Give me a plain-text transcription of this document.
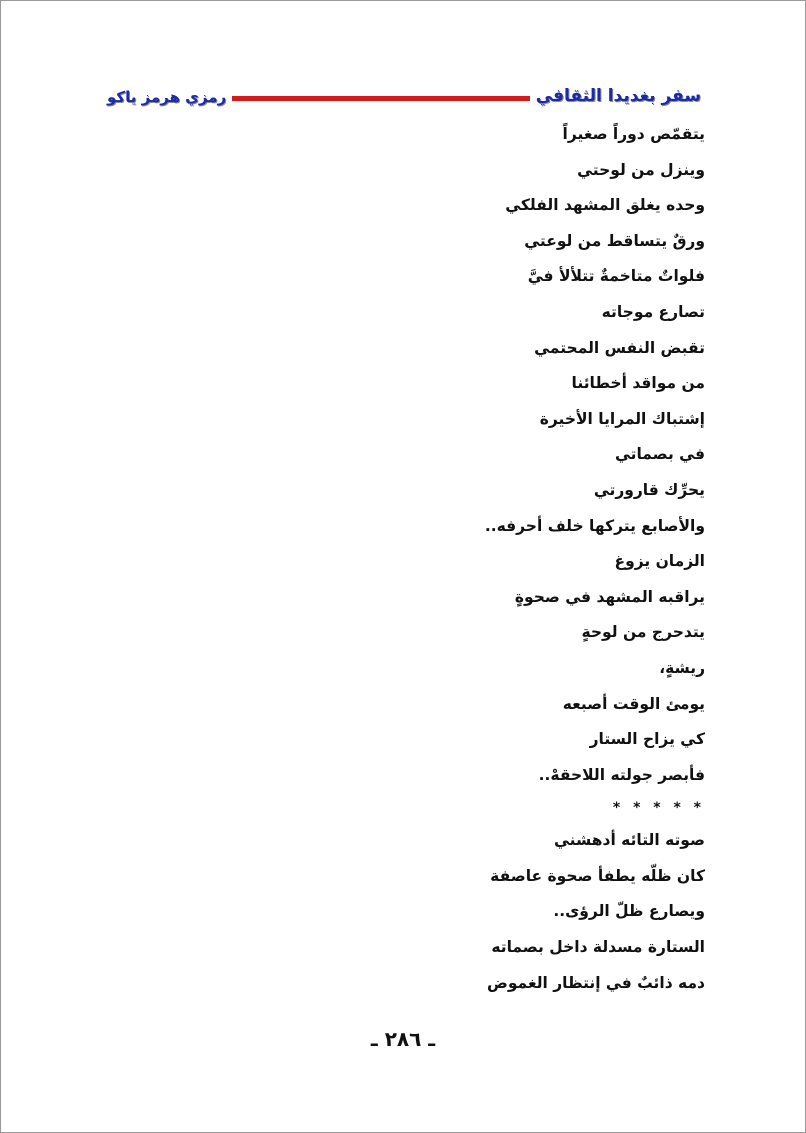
سفر بغديدا الثقافي
رمزي هرمز ياكو
يتقمّص دوراً صغيراً
وينزل من لوحتي
وحده يغلق المشهد الفلكي
ورقٌ يتساقط من لوعتي
فلواتٌ متاخمةٌ تتلألأ فيَّ
تصارع موجاته
تقبض النفس المحتمي
من مواقد أخطائنا
إشتباك المرايا الأخيرة
في بصماتي
يحرِّك قارورتي
والأصابع يتركها خلف أحرفه..
الزمان يزوغ
يراقبه المشهد في صحوةٍ
يتدحرج من لوحةٍ
ريشةٍ،
يومئ الوقت أصبعه
كي يزاح الستار
فأبصر جولته اللاحقهْ..
* * * * *
صوته التائه أدهشني
كان ظلّه يطفأ صحوة عاصفة
ويصارع ظلّ الرؤى..
الستارة مسدلة داخل بصماته
دمه ذائبٌ في إنتظار الغموض
ـ ٢٨٦ ـ
